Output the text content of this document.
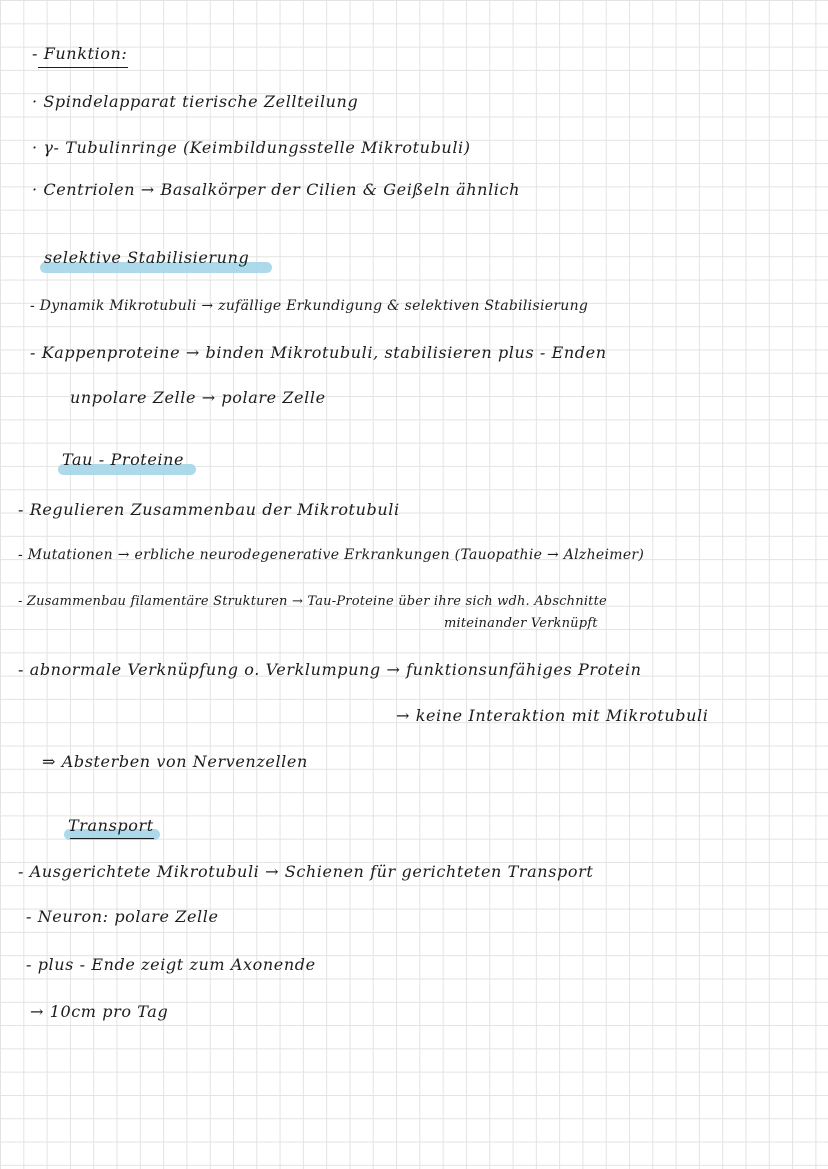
- Funktion:
· Spindelapparat tierische Zellteilung
· γ- Tubulinringe (Keimbildungsstelle Mikrotubuli)
· Centriolen → Basalkörper der Cilien & Geißeln ähnlich
selektive Stabilisierung
- Dynamik Mikrotubuli → zufällige Erkundigung & selektiven Stabilisierung
- Kappenproteine → binden Mikrotubuli, stabilisieren plus - Enden
unpolare Zelle → polare Zelle
Tau - Proteine
- Regulieren Zusammenbau der Mikrotubuli
- Mutationen → erbliche neurodegenerative Erkrankungen (Tauopathie → Alzheimer)
- Zusammenbau filamentäre Strukturen → Tau-Proteine über ihre sich wdh. Abschnitte
miteinander Verknüpft
- abnormale Verknüpfung o. Verklumpung → funktionsunfähiges Protein
→ keine Interaktion mit Mikrotubuli
⇒ Absterben von Nervenzellen
Transport
- Ausgerichtete Mikrotubuli → Schienen für gerichteten Transport
- Neuron: polare Zelle
- plus - Ende zeigt zum Axonende
→ 10cm pro Tag
